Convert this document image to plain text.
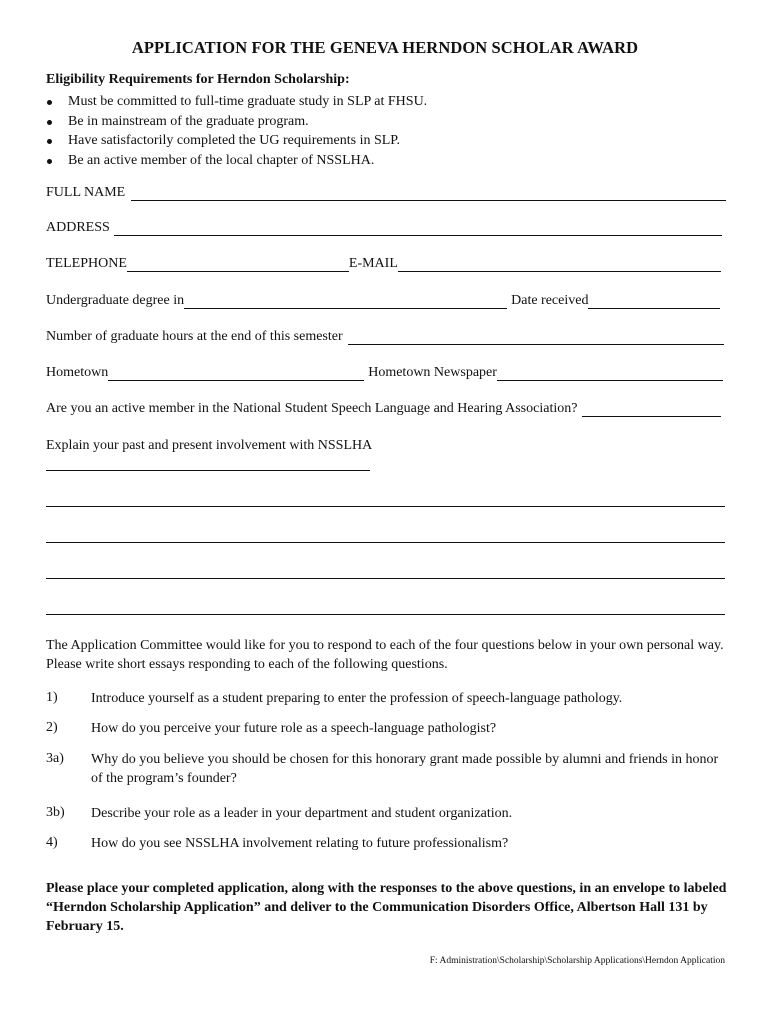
APPLICATION FOR THE GENEVA HERNDON SCHOLAR AWARD
Eligibility Requirements for Herndon Scholarship:
Must be committed to full-time graduate study in SLP at FHSU.
Be in mainstream of the graduate program.
Have satisfactorily completed the UG requirements in SLP.
Be an active member of the local chapter of NSSLHA.
FULL NAME
ADDRESS
TELEPHONE	E-MAIL
Undergraduate degree in	Date received
Number of graduate hours at the end of this semester
Hometown	Hometown Newspaper
Are you an active member in the National Student Speech Language and Hearing Association?
Explain your past and present involvement with NSSLHA
The Application Committee would like for you to respond to each of the four questions below in your own personal way. Please write short essays responding to each of the following questions.
1) Introduce yourself as a student preparing to enter the profession of speech-language pathology.
2) How do you perceive your future role as a speech-language pathologist?
3a) Why do you believe you should be chosen for this honorary grant made possible by alumni and friends in honor of the program’s founder?
3b) Describe your role as a leader in your department and student organization.
4) How do you see NSSLHA involvement relating to future professionalism?
Please place your completed application, along with the responses to the above questions, in an envelope to labeled “Herndon Scholarship Application” and deliver to the Communication Disorders Office, Albertson Hall 131 by February 15.
F: Administration\Scholarship\Scholarship Applications\Herndon Application
